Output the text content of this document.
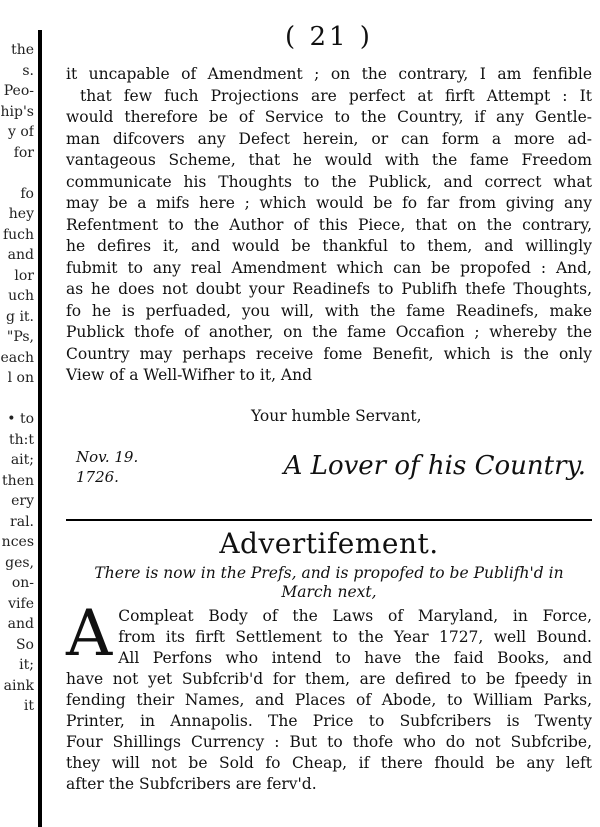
the
s.
Peo-
hip's
y of
for

fo
hey
fuch
and
lor
uch
g it.
"Ps,
each
l on

• to
th:t
ait;
then
ery
ral.
nces
ges,
on-
vife
and
So
it;
aink
it
( 21 )
it uncapable of Amendment ; on the contrary, I am fenfible
that few fuch Projections are perfect at firft Attempt : It
would therefore be of Service to the Country, if any Gentle-
man difcovers any Defect herein, or can form a more ad-
vantageous Scheme, that he would with the fame Freedom
communicate his Thoughts to the Publick, and correct what
may be a mifs here ; which would be fo far from giving any
Refentment to the Author of this Piece, that on the contrary,
he defires it, and would be thankful to them, and willingly
fubmit to any real Amendment which can be propofed : And,
as he does not doubt your Readinefs to Publifh thefe Thoughts,
fo he is perfuaded, you will, with the fame Readinefs, make
Publick thofe of another, on the fame Occafion ; whereby the
Country may perhaps receive fome Benefit, which is the only
View of a Well-Wifher to it, And
Your humble Servant,
Nov. 19.
1726.	A Lover of his Country.
Advertifement.
There is now in the Prefs, and is propofed to be Publifh'd in
March next,
A Compleat Body of the Laws of Maryland, in Force,
from its firft Settlement to the Year 1727, well Bound.
All Perfons who intend to have the faid Books, and
have not yet Subfcrib'd for them, are defired to be fpeedy in
fending their Names, and Places of Abode, to William Parks,
Printer, in Annapolis. The Price to Subfcribers is Twenty
Four Shillings Currency : But to thofe who do not Subfcribe,
they will not be Sold fo Cheap, if there fhould be any left
after the Subfcribers are ferv'd.
